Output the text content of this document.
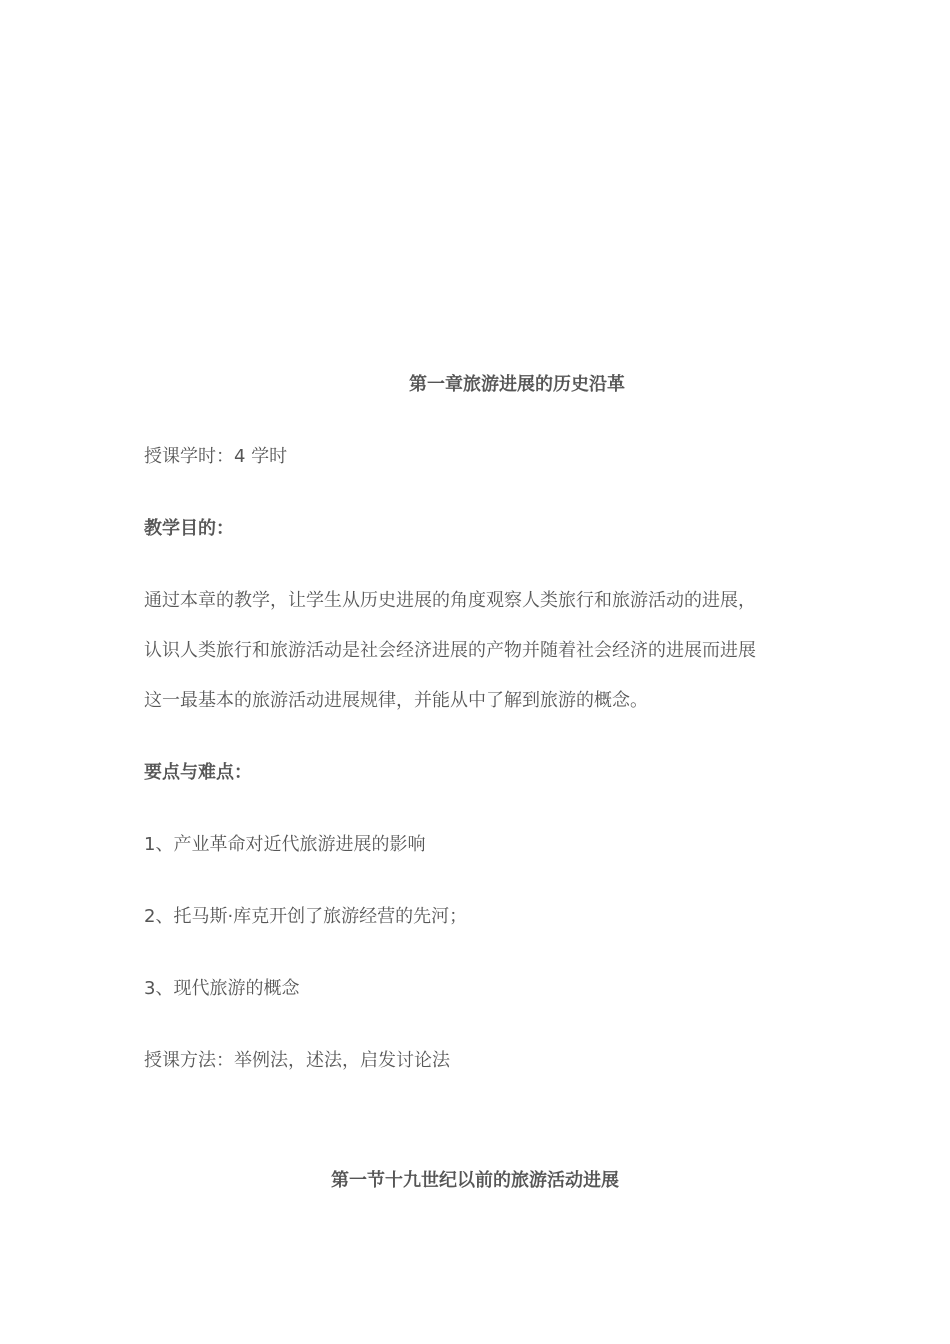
第一章旅游进展的历史沿革
授课学时：4 学时
教学目的：
通过本章的教学，让学生从历史进展的角度观察人类旅行和旅游活动的进展，
认识人类旅行和旅游活动是社会经济进展的产物并随着社会经济的进展而进展
这一最基本的旅游活动进展规律，并能从中了解到旅游的概念。
要点与难点：
1、产业革命对近代旅游进展的影响
2、托马斯·库克开创了旅游经营的先河；
3、现代旅游的概念
授课方法：举例法，述法，启发讨论法
第一节十九世纪以前的旅游活动进展
